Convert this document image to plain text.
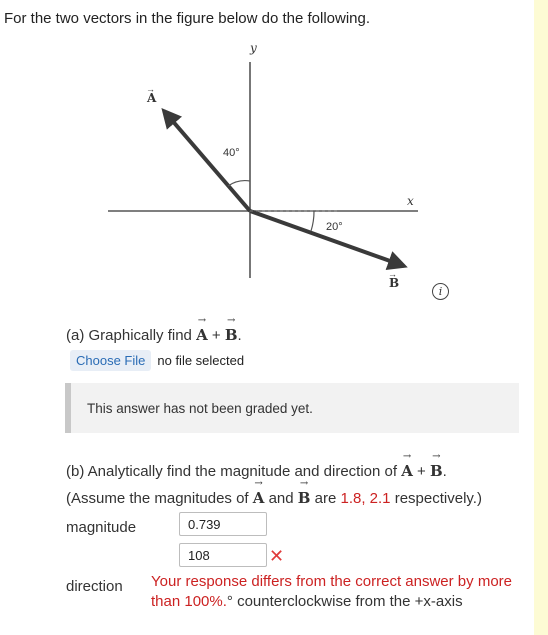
For the two vectors in the figure below do the following.
y
x
A
→
B
→
40°
20°
i
(a) Graphically find
→
A +
→
B.
Choose File no file selected
This answer has not been graded yet.
(b) Analytically find the magnitude and direction of
→
A +
→
B.
(Assume the magnitudes of
→
A and
→
B are 1.8, 2.1 respectively.)
magnitude	0.739
108	✕
direction Your response differs from the correct answer by more than 100%.° counterclockwise from the +x-axis
